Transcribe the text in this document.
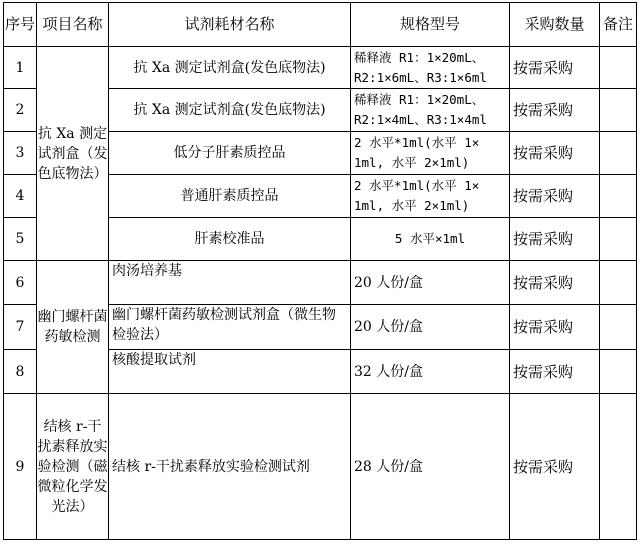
序号	项目名称	试剂耗材名称	规格型号	采购数量	备注
1	抗 Xa 测定试剂盒（发色底物法）	抗 Xa 测定试剂盒(发色底物法)	稀释液 R1：1×20mL、
R2:1×6mL、R3:1×6ml	按需采购	
2		抗 Xa 测定试剂盒(发色底物法)	稀释液 R1：1×20mL、
R2:1×4mL、R3:1×4ml	按需采购	
3		低分子肝素质控品	2 水平*1ml(水平 1×
1ml, 水平 2×1ml)	按需采购	
4		普通肝素质控品	2 水平*1ml(水平 1×
1ml, 水平 2×1ml)	按需采购	
5		肝素校准品	5 水平×1ml	按需采购	
6	幽门螺杆菌药敏检测	肉汤培养基	20 人份/盒	按需采购	
7		幽门螺杆菌药敏检测试剂盒（微生物检验法）	20 人份/盒	按需采购	
8		核酸提取试剂	32 人份/盒	按需采购	
9	结核 r-干扰素释放实验检测（磁微粒化学发光法）	结核 r-干扰素释放实验检测试剂	28 人份/盒	按需采购	
